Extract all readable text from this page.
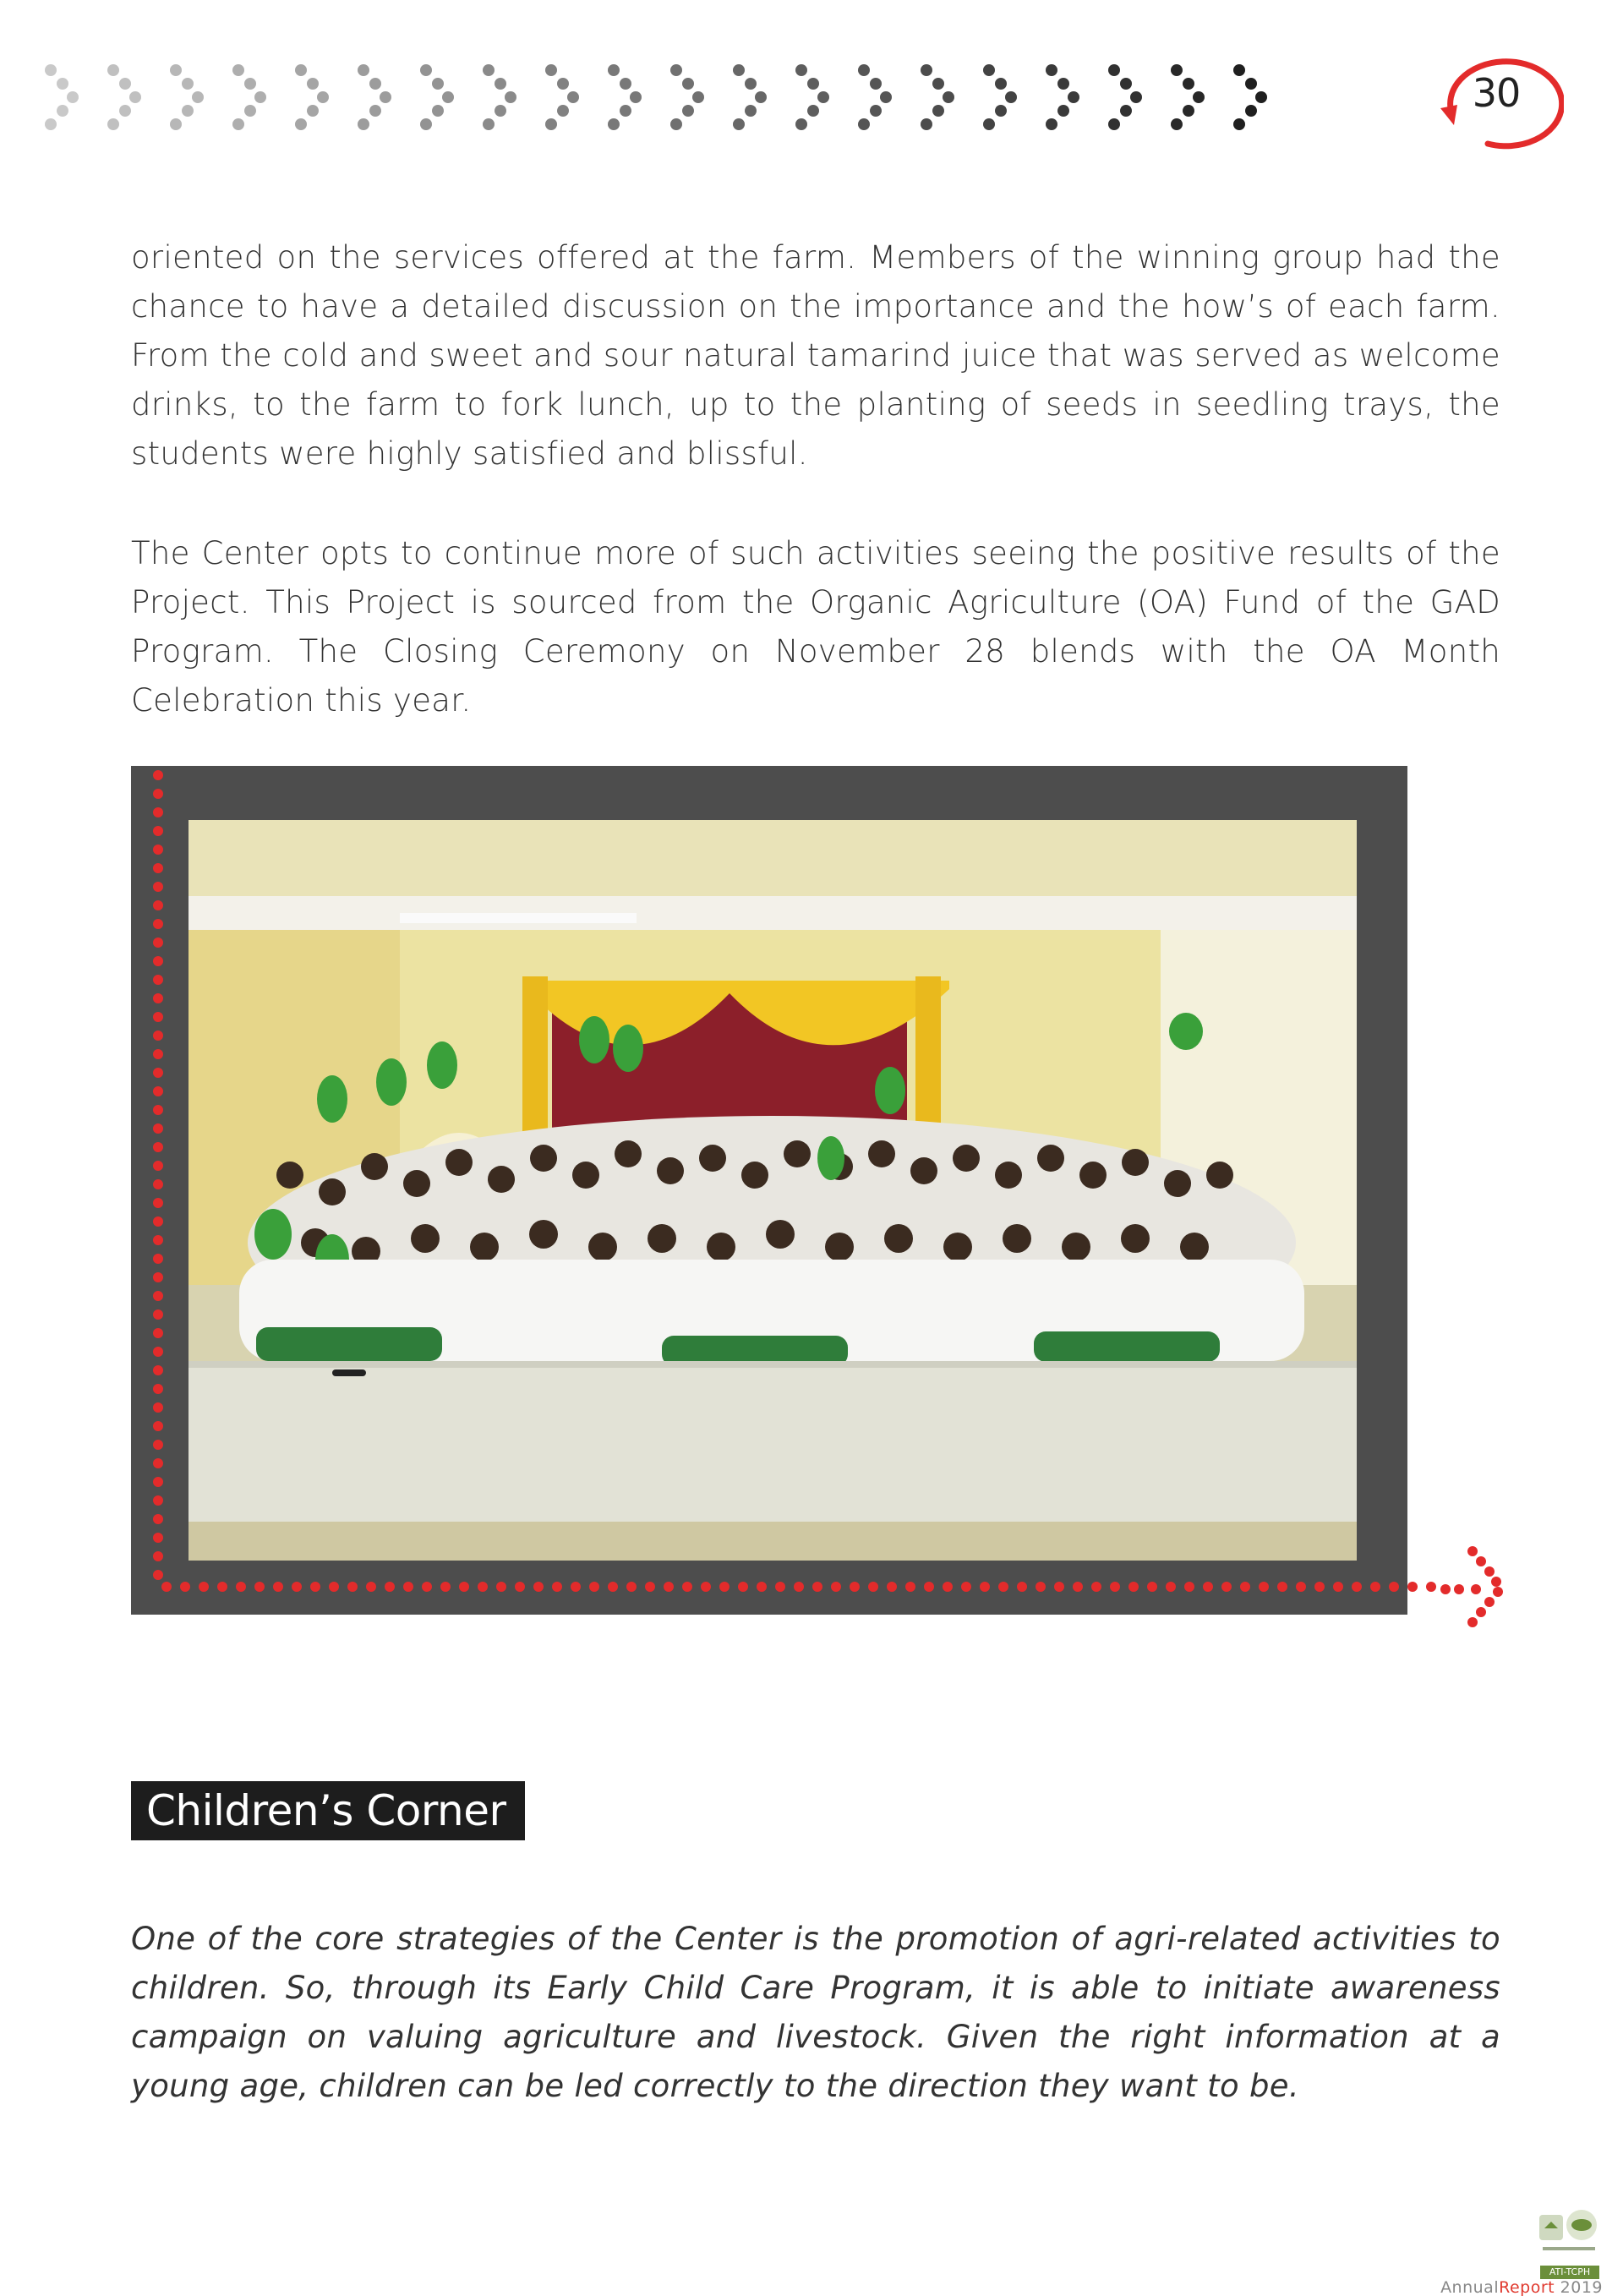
30

oriented on the services offered at the farm. Members of the winning group had the chance to have a detailed discussion on the importance and the how’s of each farm. From the cold and sweet and sour natural tamarind juice that was served as welcome drinks, to the farm to fork lunch, up to the planting of seeds in seedling trays, the students were highly satisfied and blissful.

The Center opts to continue more of such activities seeing the positive results of the Project. This Project is sourced from the Organic Agriculture (OA) Fund of the GAD Program. The Closing Ceremony on November 28 blends with the OA Month Celebration this year.

Children’s Corner

One of the core strategies of the Center is the promotion of agri-related activities to children. So, through its Early Child Care Program, it is able to initiate awareness campaign on valuing agriculture and livestock. Given the right information at a young age, children can be led correctly to the direction they want to be.

ATI-TCPH
AnnualReport 2019
